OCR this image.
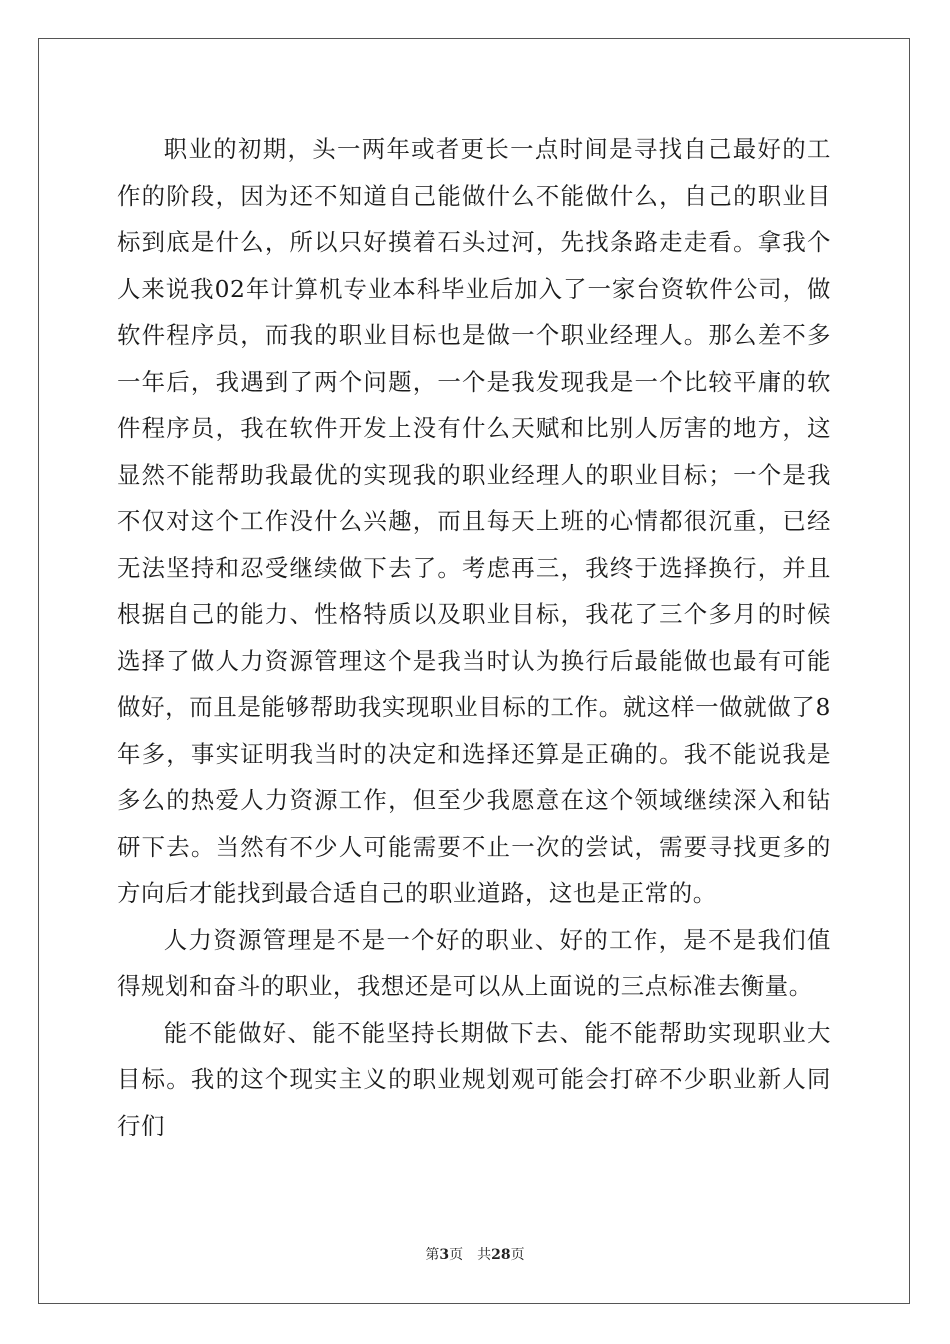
职业的初期，头一两年或者更长一点时间是寻找自己最好的工作的阶段，因为还不知道自己能做什么不能做什么，自己的职业目标到底是什么，所以只好摸着石头过河，先找条路走走看。拿我个人来说我02年计算机专业本科毕业后加入了一家台资软件公司，做软件程序员，而我的职业目标也是做一个职业经理人。那么差不多一年后，我遇到了两个问题，一个是我发现我是一个比较平庸的软件程序员，我在软件开发上没有什么天赋和比别人厉害的地方，这显然不能帮助我最优的实现我的职业经理人的职业目标；一个是我不仅对这个工作没什么兴趣，而且每天上班的心情都很沉重，已经无法坚持和忍受继续做下去了。考虑再三，我终于选择换行，并且根据自己的能力、性格特质以及职业目标，我花了三个多月的时候选择了做人力资源管理这个是我当时认为换行后最能做也最有可能做好，而且是能够帮助我实现职业目标的工作。就这样一做就做了8年多，事实证明我当时的决定和选择还算是正确的。我不能说我是多么的热爱人力资源工作，但至少我愿意在这个领域继续深入和钻研下去。当然有不少人可能需要不止一次的尝试，需要寻找更多的方向后才能找到最合适自己的职业道路，这也是正常的。

人力资源管理是不是一个好的职业、好的工作，是不是我们值得规划和奋斗的职业，我想还是可以从上面说的三点标准去衡量。

能不能做好、能不能坚持长期做下去、能不能帮助实现职业大目标。我的这个现实主义的职业规划观可能会打碎不少职业新人同行们

第3页 共28页
